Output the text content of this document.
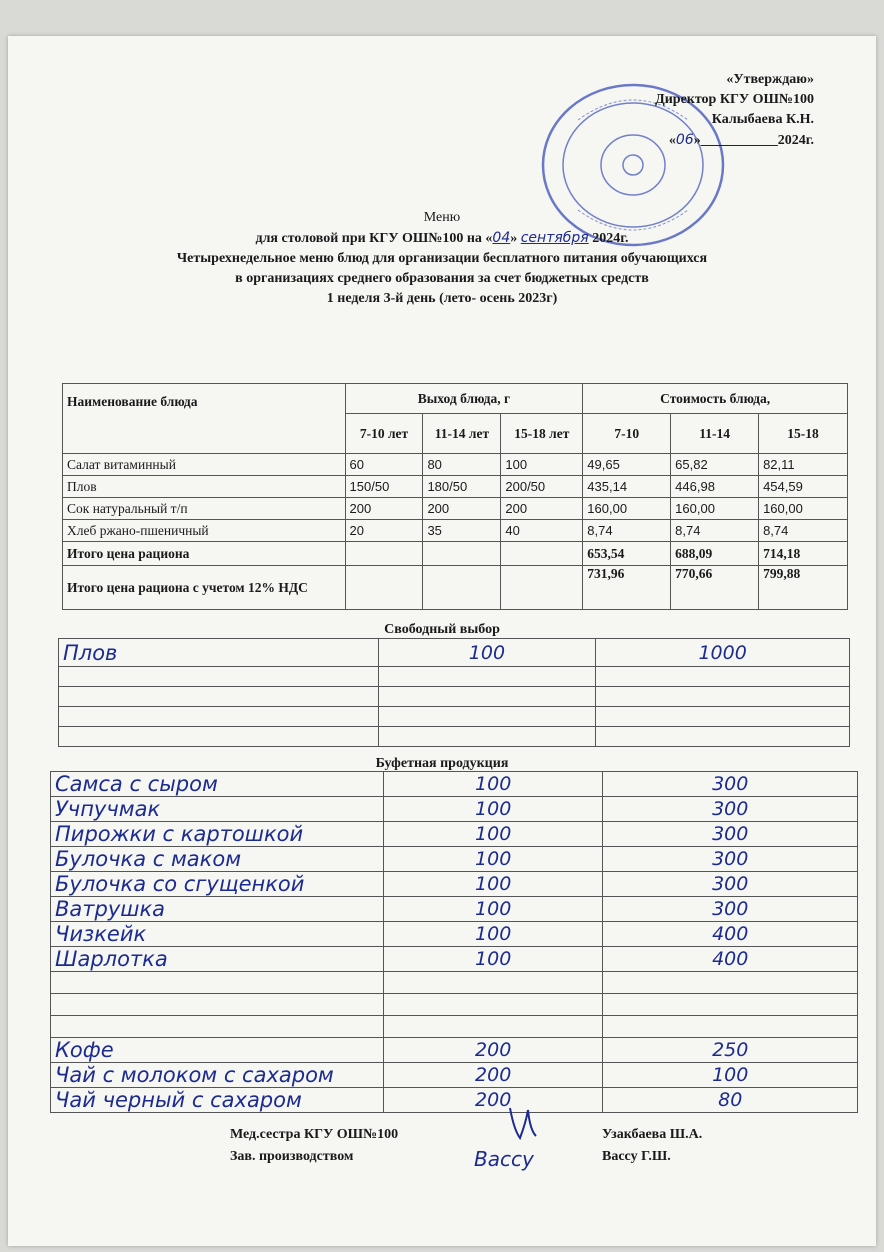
«Утверждаю»
Директор КГУ ОШ№100
Калыбаева К.Н.
«06»___________2024г.
Меню
для столовой при КГУ ОШ№100 на «04» сентября 2024г.
Четырехнедельное меню блюд для организации бесплатного питания обучающихся
в организациях среднего образования за счет бюджетных средств
1 неделя 3-й день (лето- осень 2023г)
Наименование блюда	Выход блюда, г			Стоимость блюда,		
	7-10 лет	11-14 лет	15-18 лет	7-10	11-14	15-18
Салат витаминный	60	80	100	49,65	65,82	82,11
Плов	150/50	180/50	200/50	435,14	446,98	454,59
Сок натуральный т/п	200	200	200	160,00	160,00	160,00
Хлеб ржано-пшеничный	20	35	40	8,74	8,74	8,74
Итого цена рациона				653,54	688,09	714,18
Итого цена рациона с учетом 12% НДС				731,96	770,66	799,88
Свободный выбор
Плов	100	1000

Буфетная продукция
Самса с сыром	100	300
Учпучмак	100	300
Пирожки с картошкой	100	300
Булочка с маком	100	300
Булочка со сгущенкой	100	300
Ватрушка	100	300
Чизкейк	100	400
Шарлотка	100	400

Кофе	200	250
Чай с молоком с сахаром	200	100
Чай черный с сахаром	200	80
Мед.сестра КГУ ОШ№100
Зав. производством	Вассу
Узакбаева Ш.А.
Вассу Г.Ш.
